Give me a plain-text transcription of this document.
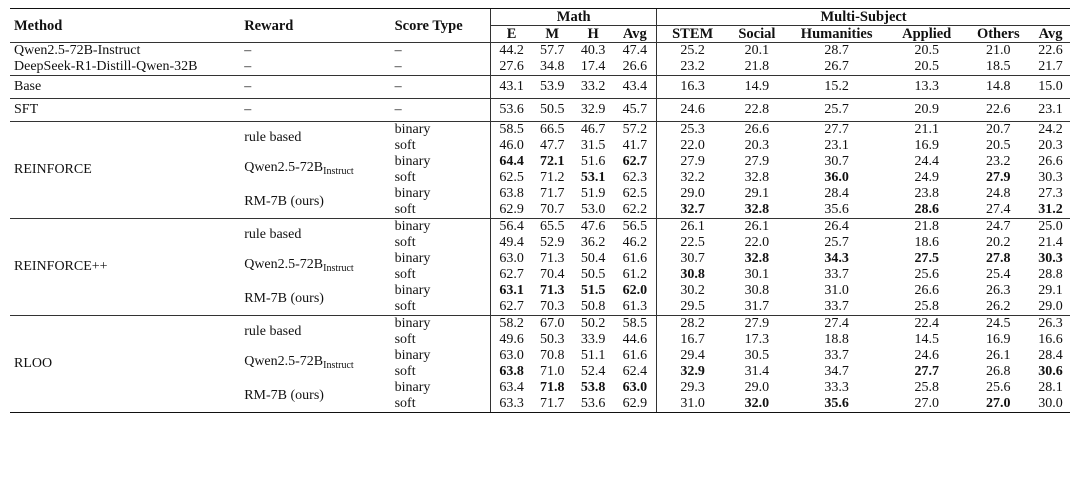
Method	Reward	Score Type	Math				Multi-Subject					
			E	M	H	Avg	STEM	Social	Humanities	Applied	Others	Avg
Qwen2.5-72B-Instruct	–	–	44.2	57.7	40.3	47.4	25.2	20.1	28.7	20.5	21.0	22.6
DeepSeek-R1-Distill-Qwen-32B	–	–	27.6	34.8	17.4	26.6	23.2	21.8	26.7	20.5	18.5	21.7
Base	–	–	43.1	53.9	33.2	43.4	16.3	14.9	15.2	13.3	14.8	15.0
SFT	–	–	53.6	50.5	32.9	45.7	24.6	22.8	25.7	20.9	22.6	23.1
REINFORCE	rule based	binary	58.5	66.5	46.7	57.2	25.3	26.6	27.7	21.1	20.7	24.2
		soft	46.0	47.7	31.5	41.7	22.0	20.3	23.1	16.9	20.5	20.3
	$Qwen2.5-72B_{Instruct}$	binary	64.4	72.1	51.6	62.7	27.9	27.9	30.7	24.4	23.2	26.6
		soft	62.5	71.2	53.1	62.3	32.2	32.8	36.0	24.9	27.9	30.3
	RM-7B (ours)	binary	63.8	71.7	51.9	62.5	29.0	29.1	28.4	23.8	24.8	27.3
		soft	62.9	70.7	53.0	62.2	32.7	32.8	35.6	28.6	27.4	31.2
REINFORCE++	rule based	binary	56.4	65.5	47.6	56.5	26.1	26.1	26.4	21.8	24.7	25.0
		soft	49.4	52.9	36.2	46.2	22.5	22.0	25.7	18.6	20.2	21.4
	$Qwen2.5-72B_{Instruct}$	binary	63.0	71.3	50.4	61.6	30.7	32.8	34.3	27.5	27.8	30.3
		soft	62.7	70.4	50.5	61.2	30.8	30.1	33.7	25.6	25.4	28.8
	RM-7B (ours)	binary	63.1	71.3	51.5	62.0	30.2	30.8	31.0	26.6	26.3	29.1
		soft	62.7	70.3	50.8	61.3	29.5	31.7	33.7	25.8	26.2	29.0
RLOO	rule based	binary	58.2	67.0	50.2	58.5	28.2	27.9	27.4	22.4	24.5	26.3
		soft	49.6	50.3	33.9	44.6	16.7	17.3	18.8	14.5	16.9	16.6
	$Qwen2.5-72B_{Instruct}$	binary	63.0	70.8	51.1	61.6	29.4	30.5	33.7	24.6	26.1	28.4
		soft	63.8	71.0	52.4	62.4	32.9	31.4	34.7	27.7	26.8	30.6
	RM-7B (ours)	binary	63.4	71.8	53.8	63.0	29.3	29.0	33.3	25.8	25.6	28.1
		soft	63.3	71.7	53.6	62.9	31.0	32.0	35.6	27.0	27.0	30.0
